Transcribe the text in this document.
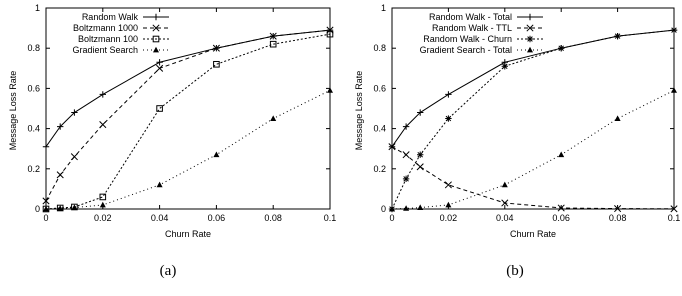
0	0.02	0.04	0.06	0.08	0.1
0
0.2
0.4
0.6
0.8
1
Churn Rate
Message Loss Rate
Random Walk
Boltzmann 1000
Boltzmann 100
Gradient Search
(a)
0	0.02	0.04	0.06	0.08	0.1
0
0.2
0.4
0.6
0.8
1
Churn Rate
Message Loss Rate
Random Walk - Total
Random Walk - TTL
Random Walk - Churn
Gradient Search - Total
(b)
